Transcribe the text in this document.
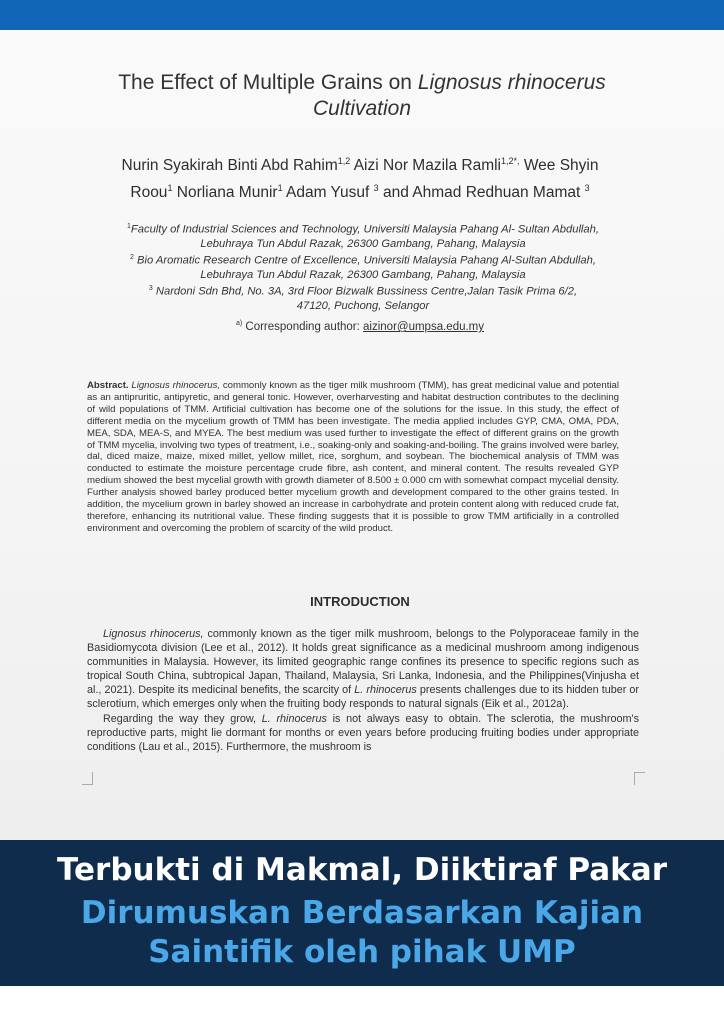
The Effect of Multiple Grains on Lignosus rhinocerus
Cultivation
Nurin Syakirah Binti Abd Rahim$^{1,2}$ Aizi Nor Mazila Ramli$^{1,2*,}$ Wee Shyin
Roou$^1$ Norliana Munir$^1$ Adam Yusuf $^3$ and Ahmad Redhuan Mamat $^3$

$^1$Faculty of Industrial Sciences and Technology, Universiti Malaysia Pahang Al- Sultan Abdullah,

Lebuhraya Tun Abdul Razak, 26300 Gambang, Pahang, Malaysia

$^2$ Bio Aromatic Research Centre of Excellence, Universiti Malaysia Pahang Al-Sultan Abdullah,

Lebuhraya Tun Abdul Razak, 26300 Gambang, Pahang, Malaysia

$^3$ Nardoni Sdn Bhd, No. 3A, 3rd Floor Bizwalk Bussiness Centre,Jalan Tasik Prima 6/2,

47120, Puchong, Selangor

$^{a)}$ Corresponding author: aizinor@umpsa.edu.my

Abstract. Lignosus rhinocerus, commonly known as the tiger milk mushroom (TMM), has great medicinal value and potential as an antipruritic, antipyretic, and general tonic. However, overharvesting and habitat destruction contributes to the declining of wild populations of TMM. Artificial cultivation has become one of the solutions for the issue. In this study, the effect of different media on the mycelium growth of TMM has been investigate. The media applied includes GYP, CMA, OMA, PDA, MEA, SDA, MEA-S, and MYEA. The best medium was used further to investigate the effect of different grains on the growth of TMM mycelia, involving two types of treatment, i.e., soaking-only and soaking-and-boiling. The grains involved were barley, dal, diced maize, maize, mixed millet, yellow millet, rice, sorghum, and soybean. The biochemical analysis of TMM was conducted to estimate the moisture percentage crude fibre, ash content, and mineral content. The results revealed GYP medium showed the best mycelial growth with growth diameter of 8.500 ± 0.000 cm with somewhat compact mycelial density. Further analysis showed barley produced better mycelium growth and development compared to the other grains tested. In addition, the mycelium grown in barley showed an increase in carbohydrate and protein content along with reduced crude fat, therefore, enhancing its nutritional value. These finding suggests that it is possible to grow TMM artificially in a controlled environment and overcoming the problem of scarcity of the wild product.

INTRODUCTION

Lignosus rhinocerus, commonly known as the tiger milk mushroom, belongs to the Polyporaceae family in the Basidiomycota division (Lee et al., 2012). It holds great significance as a medicinal mushroom among indigenous communities in Malaysia. However, its limited geographic range confines its presence to specific regions such as tropical South China, subtropical Japan, Thailand, Malaysia, Sri Lanka, Indonesia, and the Philippines(Vinjusha et al., 2021). Despite its medicinal benefits, the scarcity of L. rhinocerus presents challenges due to its hidden tuber or sclerotium, which emerges only when the fruiting body responds to natural signals (Eik et al., 2012a).

Regarding the way they grow, L. rhinocerus is not always easy to obtain. The sclerotia, the mushroom's reproductive parts, might lie dormant for months or even years before producing fruiting bodies under appropriate conditions (Lau et al., 2015). Furthermore, the mushroom is

Terbukti di Makmal, Diiktiraf Pakar
Dirumuskan Berdasarkan Kajian
Saintifik oleh pihak UMP
